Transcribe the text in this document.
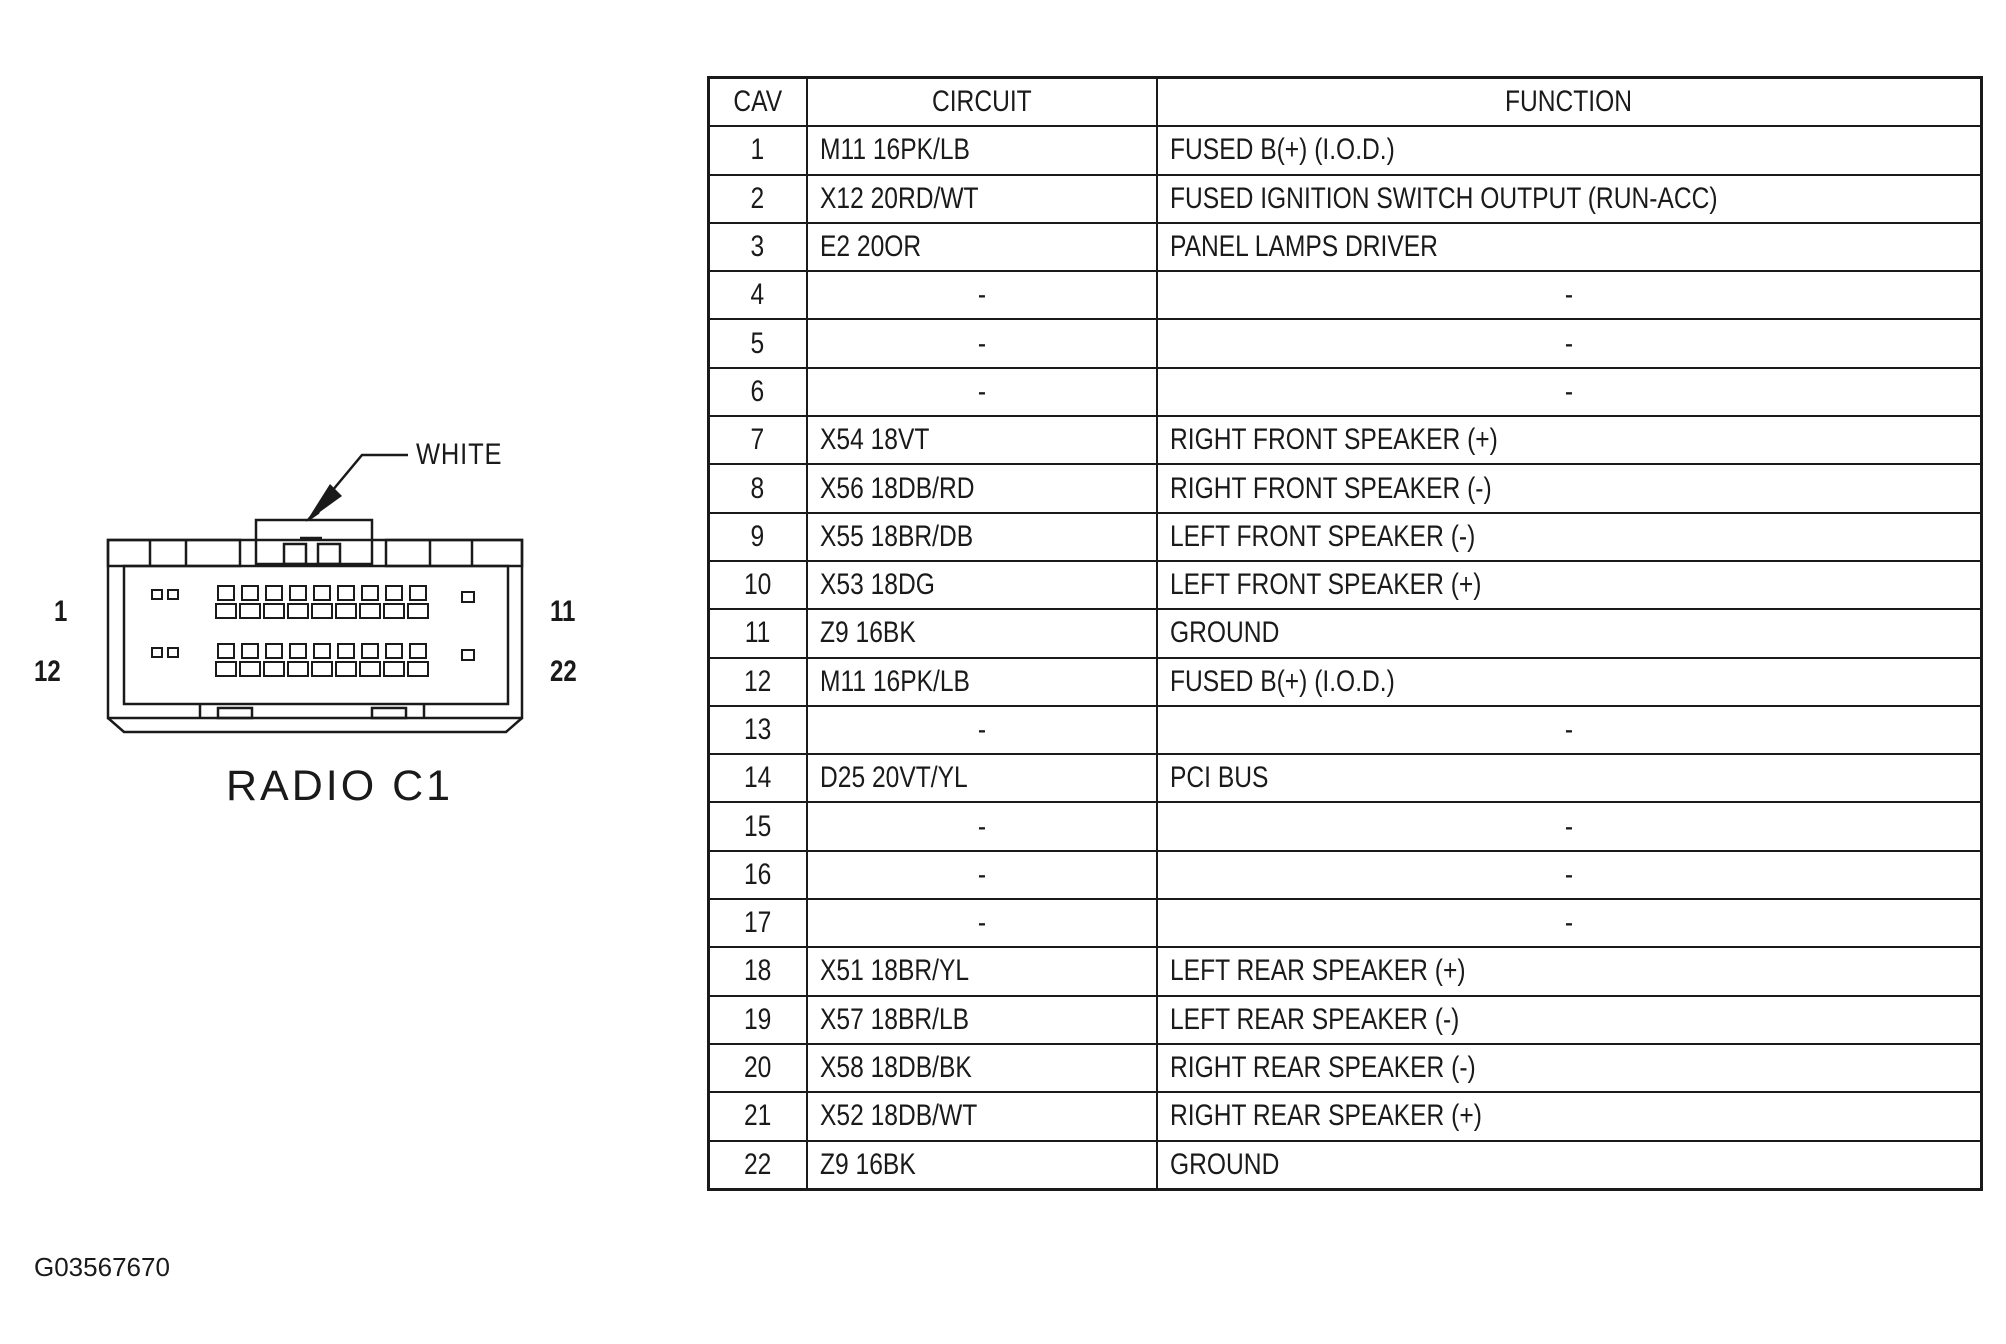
WHITE
1	11
12	22
RADIO C1
G03567670
CAV	CIRCUIT	FUNCTION
1	M11 16PK/LB	FUSED B(+) (I.O.D.)
2	X12 20RD/WT	FUSED IGNITION SWITCH OUTPUT (RUN-ACC)
3	E2 20OR	PANEL LAMPS DRIVER
4	-	-
5	-	-
6	-	-
7	X54 18VT	RIGHT FRONT SPEAKER (+)
8	X56 18DB/RD	RIGHT FRONT SPEAKER (-)
9	X55 18BR/DB	LEFT FRONT SPEAKER (-)
10	X53 18DG	LEFT FRONT SPEAKER (+)
11	Z9 16BK	GROUND
12	M11 16PK/LB	FUSED B(+) (I.O.D.)
13	-	-
14	D25 20VT/YL	PCI BUS
15	-	-
16	-	-
17	-	-
18	X51 18BR/YL	LEFT REAR SPEAKER (+)
19	X57 18BR/LB	LEFT REAR SPEAKER (-)
20	X58 18DB/BK	RIGHT REAR SPEAKER (-)
21	X52 18DB/WT	RIGHT REAR SPEAKER (+)
22	Z9 16BK	GROUND
